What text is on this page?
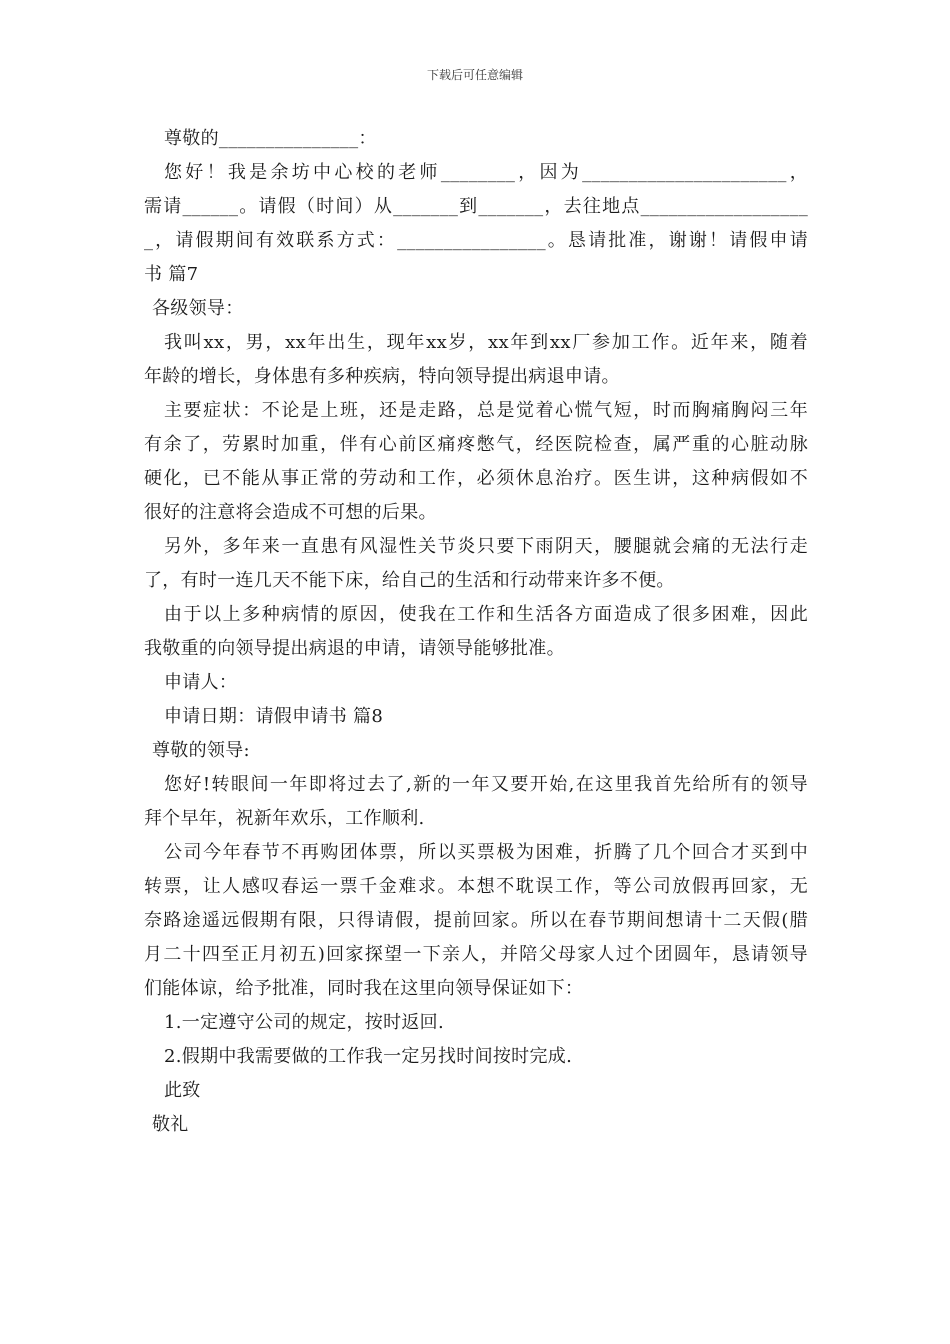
下载后可任意编辑
尊敬的_______________：
您好！我是余坊中心校的老师________，因为______________________，
需请______。请假（时间）从_______到_______，去往地点__________________
_，请假期间有效联系方式：________________。恳请批准，谢谢！请假申请
书 篇7
各级领导：
我叫xx，男，xx年出生，现年xx岁，xx年到xx厂参加工作。近年来，随着
年龄的增长，身体患有多种疾病，特向领导提出病退申请。
主要症状：不论是上班，还是走路，总是觉着心慌气短，时而胸痛胸闷三年
有余了，劳累时加重，伴有心前区痛疼憋气，经医院检查，属严重的心脏动脉
硬化，已不能从事正常的劳动和工作，必须休息治疗。医生讲，这种病假如不
很好的注意将会造成不可想的后果。
另外，多年来一直患有风湿性关节炎只要下雨阴天，腰腿就会痛的无法行走
了，有时一连几天不能下床，给自己的生活和行动带来许多不便。
由于以上多种病情的原因，使我在工作和生活各方面造成了很多困难，因此
我敬重的向领导提出病退的申请，请领导能够批准。
申请人：
申请日期：请假申请书 篇8
尊敬的领导:
您好!转眼间一年即将过去了,新的一年又要开始,在这里我首先给所有的领导
拜个早年，祝新年欢乐，工作顺利.
公司今年春节不再购团体票，所以买票极为困难，折腾了几个回合才买到中
转票，让人感叹春运一票千金难求。本想不耽误工作，等公司放假再回家，无
奈路途遥远假期有限，只得请假，提前回家。所以在春节期间想请十二天假(腊
月二十四至正月初五)回家探望一下亲人，并陪父母家人过个团圆年，恳请领导
们能体谅，给予批准，同时我在这里向领导保证如下：
1.一定遵守公司的规定，按时返回.
2.假期中我需要做的工作我一定另找时间按时完成.
此致
敬礼
